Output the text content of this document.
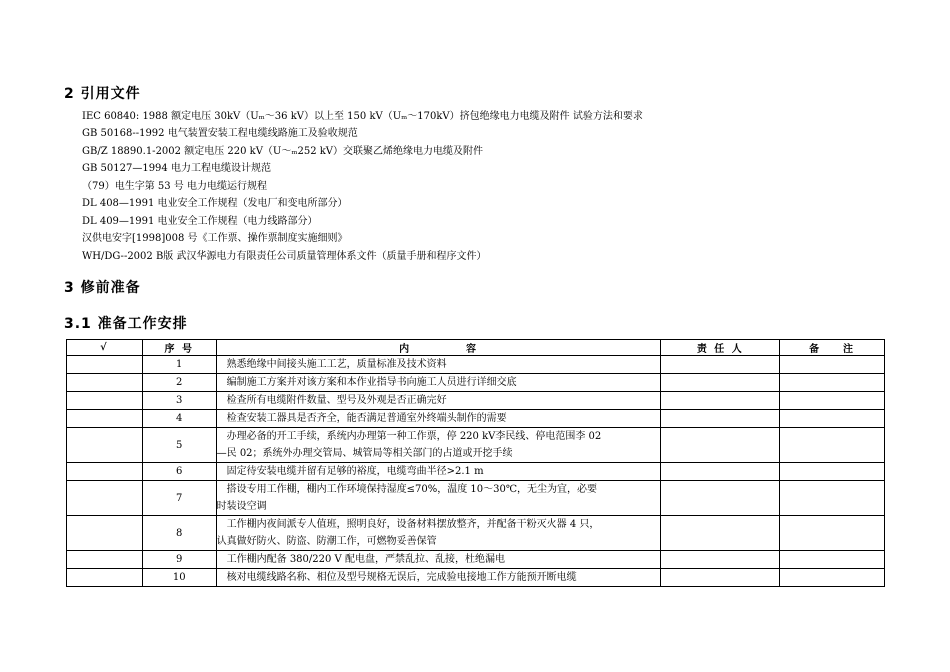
2 引用文件
IEC 60840: 1988 额定电压 30kV（Uₘ～36 kV）以上至 150 kV（Uₘ～170kV）挤包绝缘电力电缆及附件 试验方法和要求
GB 50168--1992 电气装置安装工程电缆线路施工及验收规范
GB/Z 18890.1-2002 额定电压 220 kV（U～ₘ252 kV）交联聚乙烯绝缘电力电缆及附件
GB 50127—1994 电力工程电缆设计规范
（79）电生字第 53 号 电力电缆运行规程
DL 408—1991 电业安全工作规程（发电厂和变电所部分）
DL 409—1991 电业安全工作规程（电力线路部分）
汉供电安字[1998]008 号《工作票、操作票制度实施细则》
WH/DG--2002 B版 武汉华源电力有限责任公司质量管理体系文件（质量手册和程序文件）
3 修前准备
3.1 准备工作安排
√	序 号	内          容	责 任 人	备    注
	1	熟悉绝缘中间接头施工工艺，质量标准及技术资料		

	2	编制施工方案并对该方案和本作业指导书向施工人员进行详细交底		

	3	检查所有电缆附件数量、型号及外观是否正确完好		

	4	检查安装工器具是否齐全，能否满足普通室外终端头制作的需要		

	5	办理必备的开工手续，系统内办理第一种工作票，停 220 kV李民线、停电范围李 02
—民 02；系统外办理交管局、城管局等相关部门的占道或开挖手续		

	6	固定待安装电缆并留有足够的裕度，电缆弯曲半径>2.1 m		

	7	搭设专用工作棚，棚内工作环境保持湿度≤70%，温度 10～30℃，无尘为宜，必要
时装设空调		

	8	工作棚内夜间派专人值班，照明良好，设备材料摆放整齐，并配备干粉灭火器 4 只，
认真做好防火、防盗、防潮工作，可燃物妥善保管		

	9	工作棚内配备 380/220 V 配电盘，严禁乱拉、乱接，杜绝漏电		

	10	核对电缆线路名称、相位及型号规格无误后，完成验电接地工作方能预开断电缆		
